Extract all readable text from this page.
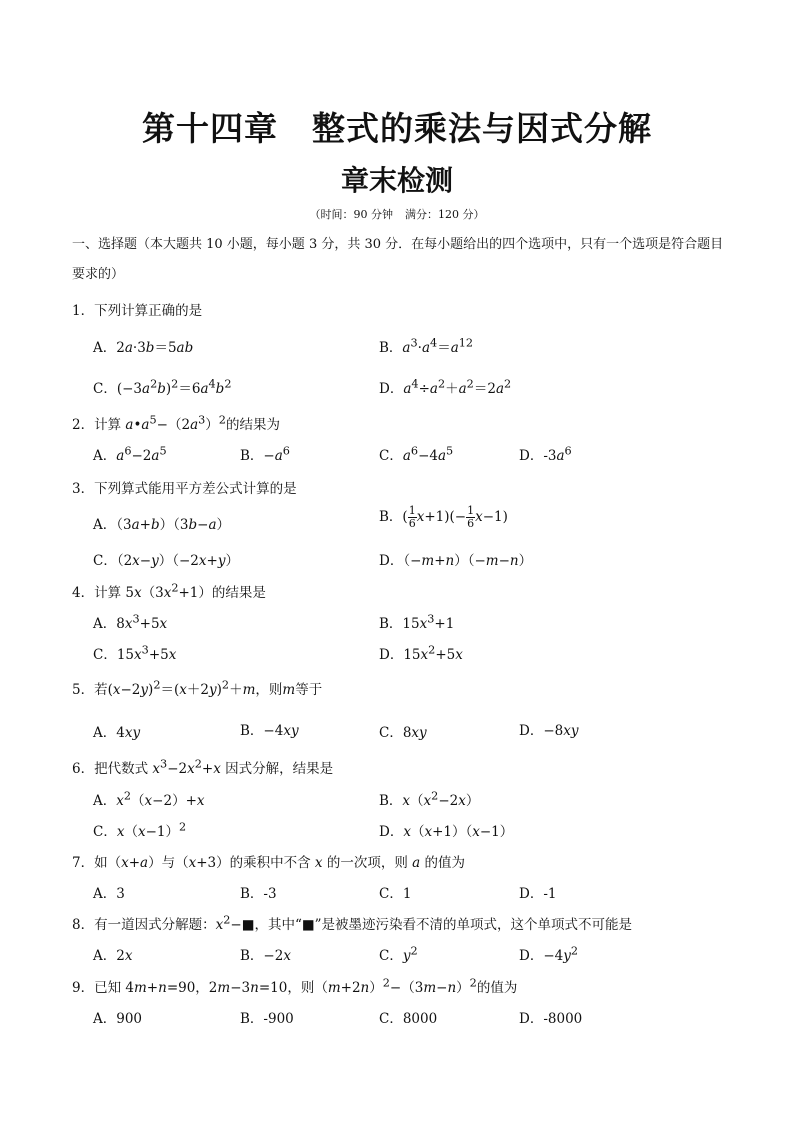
第十四章 整式的乘法与因式分解
章末检测
（时间：90 分钟 满分：120 分）
一、选择题（本大题共 10 小题，每小题 3 分，共 30 分．在每小题给出的四个选项中，只有一个选项是符合题目要求的）
1．下列计算正确的是
A．2a·3b＝5ab	B．$a^3\cdot a^4=a^{12}$
C．$(-3a^2b)^2=6a^4b^2$	D．$a^4\div a^2+a^2=2a^2$
2．计算 $a•a^5-(2a^3)^2$的结果为
A．$a^6-2a^5$	B．$-a^6$	C．$a^6-4a^5$	D．$-3a^6$
3．下列算式能用平方差公式计算的是
A．（3a+b）（3b−a）	B．( $\frac{1}{6} x+1)(- \frac{1}{6} x-1)$
C．（2x−y）（−2x+y）	D．（−m+n）（−m−n）
4．计算 $5x(3x^2+1)$的结果是
A．$8x^3+5x$	B．$15x^3+1$
C．$15x^3+5x$	D．$15x^2+5x$
5．若$(x-2y)^2=(x+2y)^2+m$，则m等于
A．4xy	B．−4xy	C．8xy	D．−8xy
6．把代数式 $x^3-2x^2+x$ 因式分解，结果是
A．$x^2(x-2)+x$	B．$x(x^2-2x)$
C．$x(x-1)^2$	D．x（x+1）（x−1）
7．如（x+a）与（x+3）的乘积中不含 x 的一次项，则 a 的值为
A．3	B．-3	C．1	D．-1
8．有一道因式分解题：$x^2-■$，其中“■”是被墨迹污染看不清的单项式，这个单项式不可能是
A．2x	B．−2x	C．$y^2$	D．$-4y^2$
9．已知 4m+n=90，2m−3n=10，则$(m+2n)^2-(3m-n)^2$的值为
A．900	B．-900	C．8000	D．-8000
